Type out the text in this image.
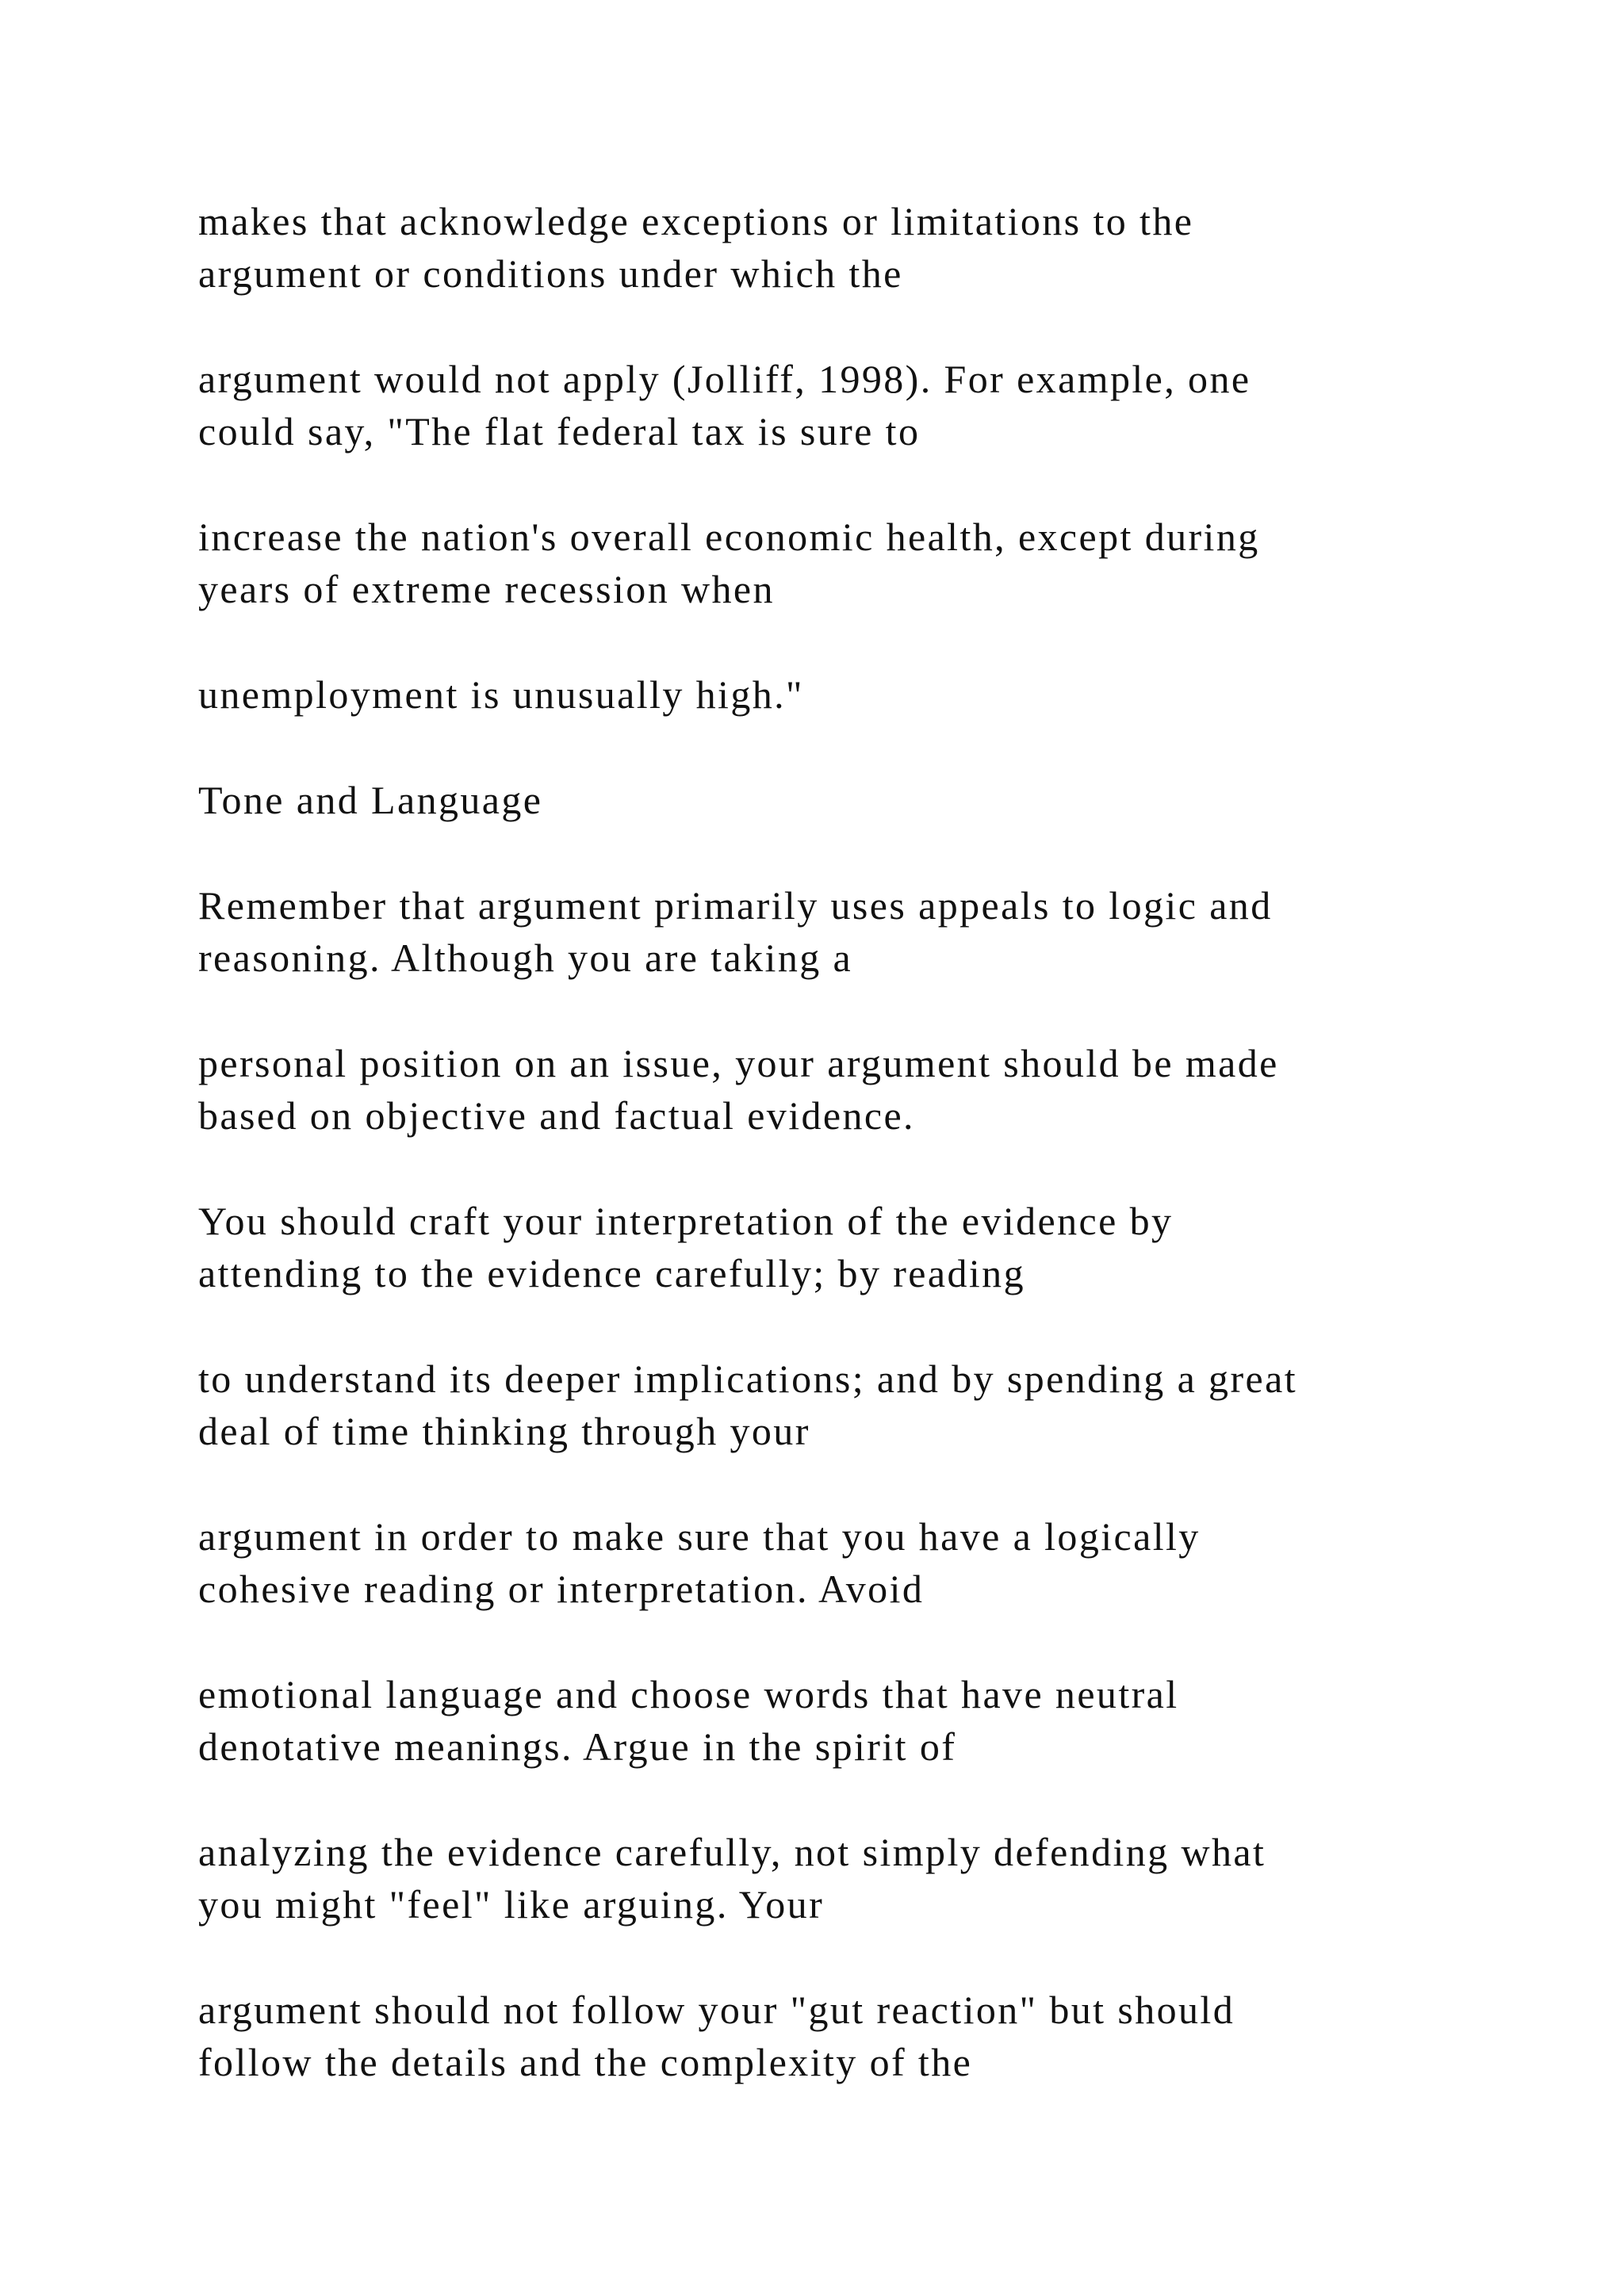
makes that acknowledge exceptions or limitations to the
argument or conditions under which the

argument would not apply (Jolliff, 1998). For example, one
could say, "The flat federal tax is sure to

increase the nation's overall economic health, except during
years of extreme recession when

unemployment is unusually high."

Tone and Language

Remember that argument primarily uses appeals to logic and
reasoning. Although you are taking a

personal position on an issue, your argument should be made
based on objective and factual evidence.

You should craft your interpretation of the evidence by
attending to the evidence carefully; by reading

to understand its deeper implications; and by spending a great
deal of time thinking through your

argument in order to make sure that you have a logically
cohesive reading or interpretation. Avoid

emotional language and choose words that have neutral
denotative meanings. Argue in the spirit of

analyzing the evidence carefully, not simply defending what
you might "feel" like arguing. Your

argument should not follow your "gut reaction" but should
follow the details and the complexity of the
